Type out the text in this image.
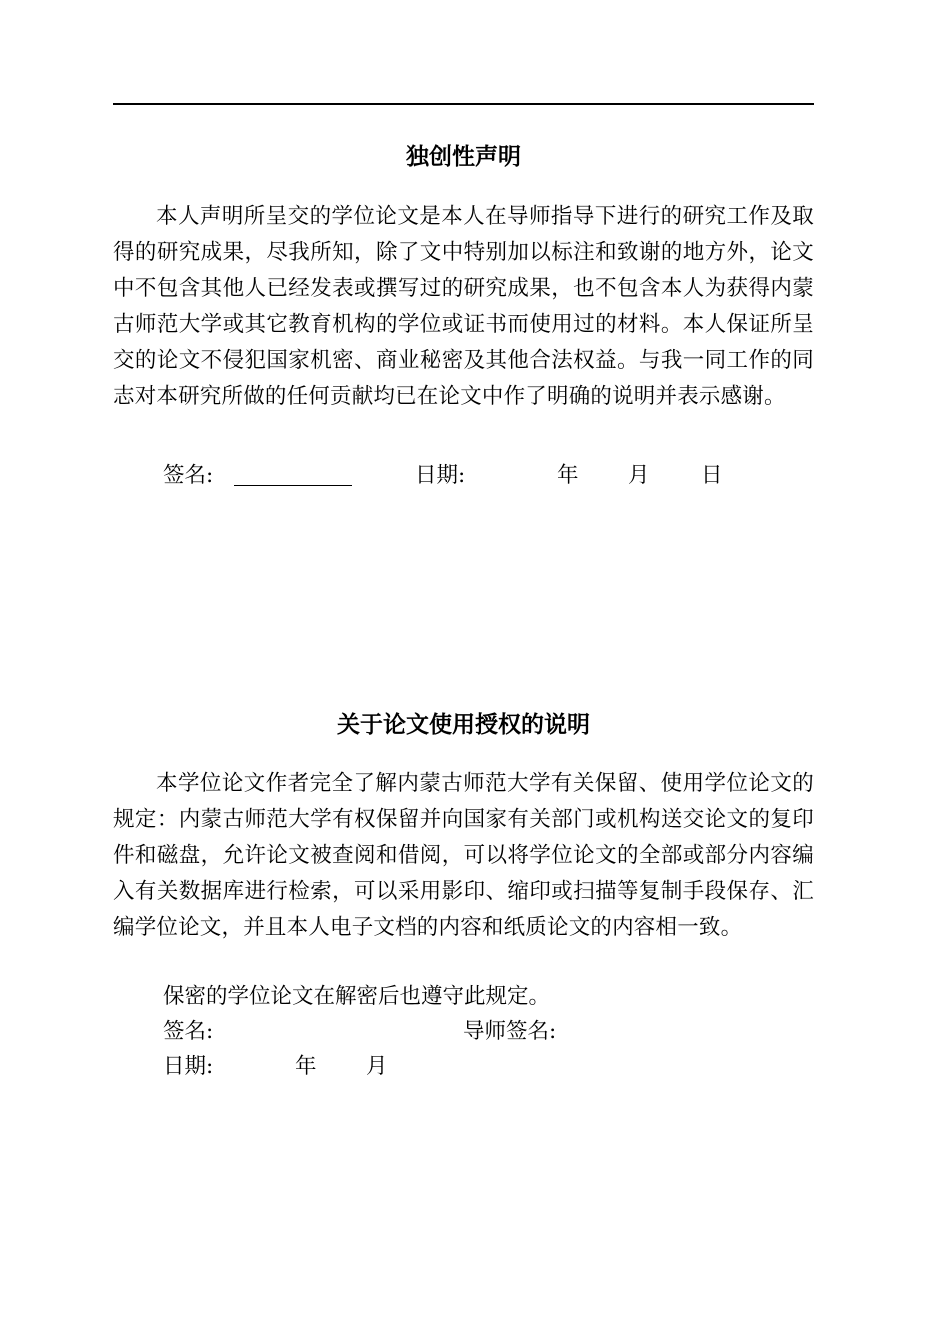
独创性声明
本人声明所呈交的学位论文是本人在导师指导下进行的研究工作及取得的研究成果，尽我所知，除了文中特别加以标注和致谢的地方外，论文中不包含其他人已经发表或撰写过的研究成果，也不包含本人为获得内蒙古师范大学或其它教育机构的学位或证书而使用过的材料。本人保证所呈交的论文不侵犯国家机密、商业秘密及其他合法权益。与我一同工作的同志对本研究所做的任何贡献均已在论文中作了明确的说明并表示感谢。
签名:	日期:	年 月 日
关于论文使用授权的说明
本学位论文作者完全了解内蒙古师范大学有关保留、使用学位论文的规定：内蒙古师范大学有权保留并向国家有关部门或机构送交论文的复印件和磁盘，允许论文被查阅和借阅，可以将学位论文的全部或部分内容编入有关数据库进行检索，可以采用影印、缩印或扫描等复制手段保存、汇编学位论文，并且本人电子文档的内容和纸质论文的内容相一致。
保密的学位论文在解密后也遵守此规定。
签名:	导师签名:
日期:	年 月
